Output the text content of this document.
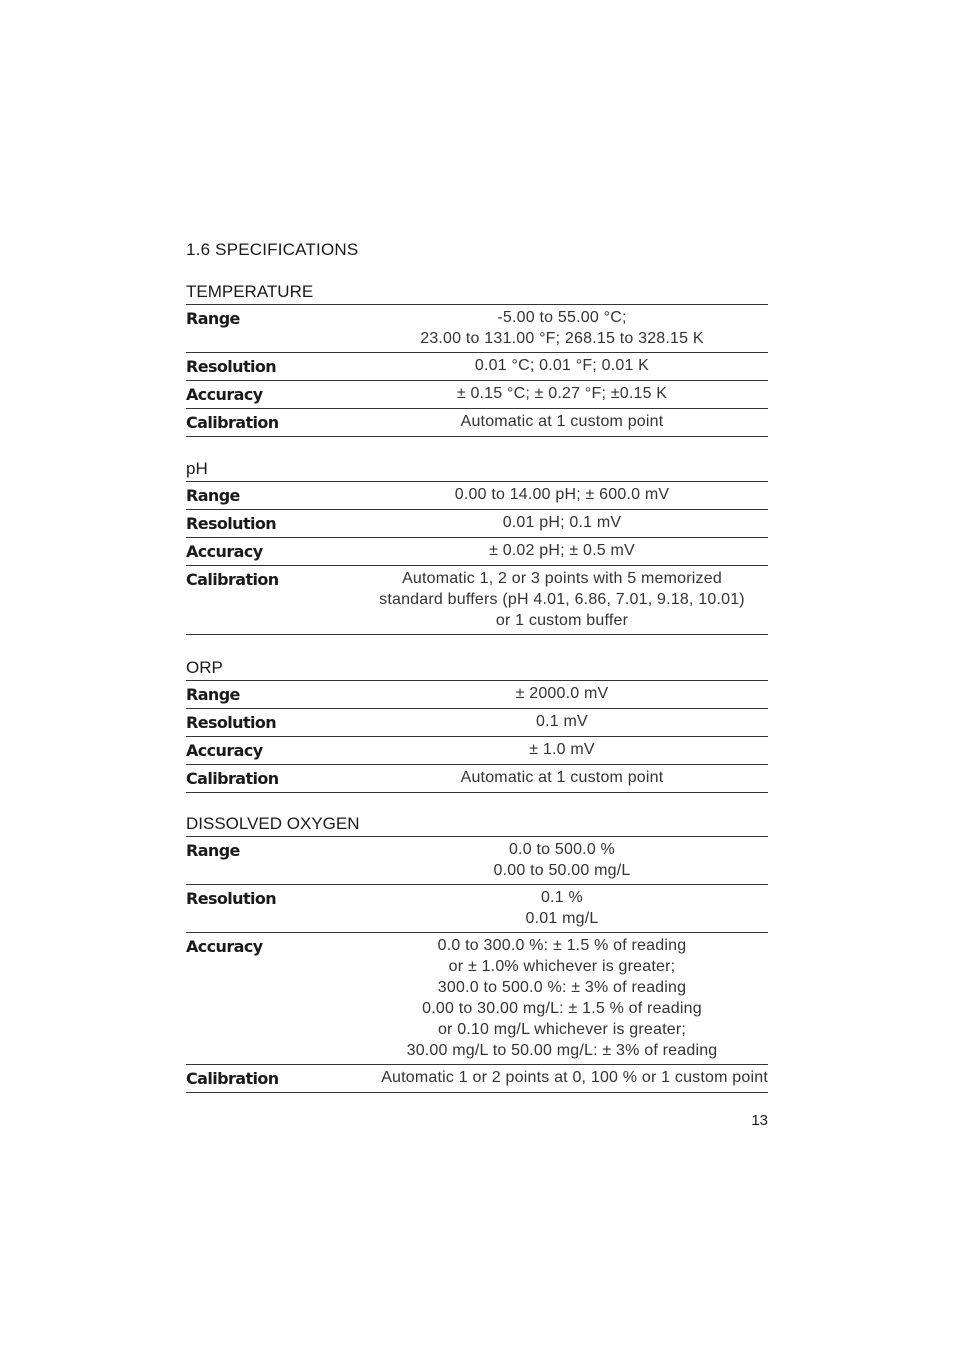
1.6 SPECIFICATIONS
TEMPERATURE
Range	-5.00 to 55.00 °C;
23.00 to 131.00 °F; 268.15 to 328.15 K
Resolution	0.01 °C; 0.01 °F; 0.01 K
Accuracy	± 0.15 °C; ± 0.27 °F; ±0.15 K
Calibration	Automatic at 1 custom point
pH
Range	0.00 to 14.00 pH; ± 600.0 mV
Resolution	0.01 pH; 0.1 mV
Accuracy	± 0.02 pH; ± 0.5 mV
Calibration	Automatic 1, 2 or 3 points with 5 memorized
standard buffers (pH 4.01, 6.86, 7.01, 9.18, 10.01)
or 1 custom buffer
ORP
Range	± 2000.0 mV
Resolution	0.1 mV
Accuracy	± 1.0 mV
Calibration	Automatic at 1 custom point
DISSOLVED OXYGEN
Range	0.0 to 500.0 %
0.00 to 50.00 mg/L
Resolution	0.1 %
0.01 mg/L
Accuracy	0.0 to 300.0 %: ± 1.5 % of reading
or ± 1.0% whichever is greater;
300.0 to 500.0 %: ± 3% of reading
0.00 to 30.00 mg/L: ± 1.5 % of reading
or 0.10 mg/L whichever is greater;
30.00 mg/L to 50.00 mg/L: ± 3% of reading
Calibration	Automatic 1 or 2 points at 0, 100 % or 1 custom point
13
